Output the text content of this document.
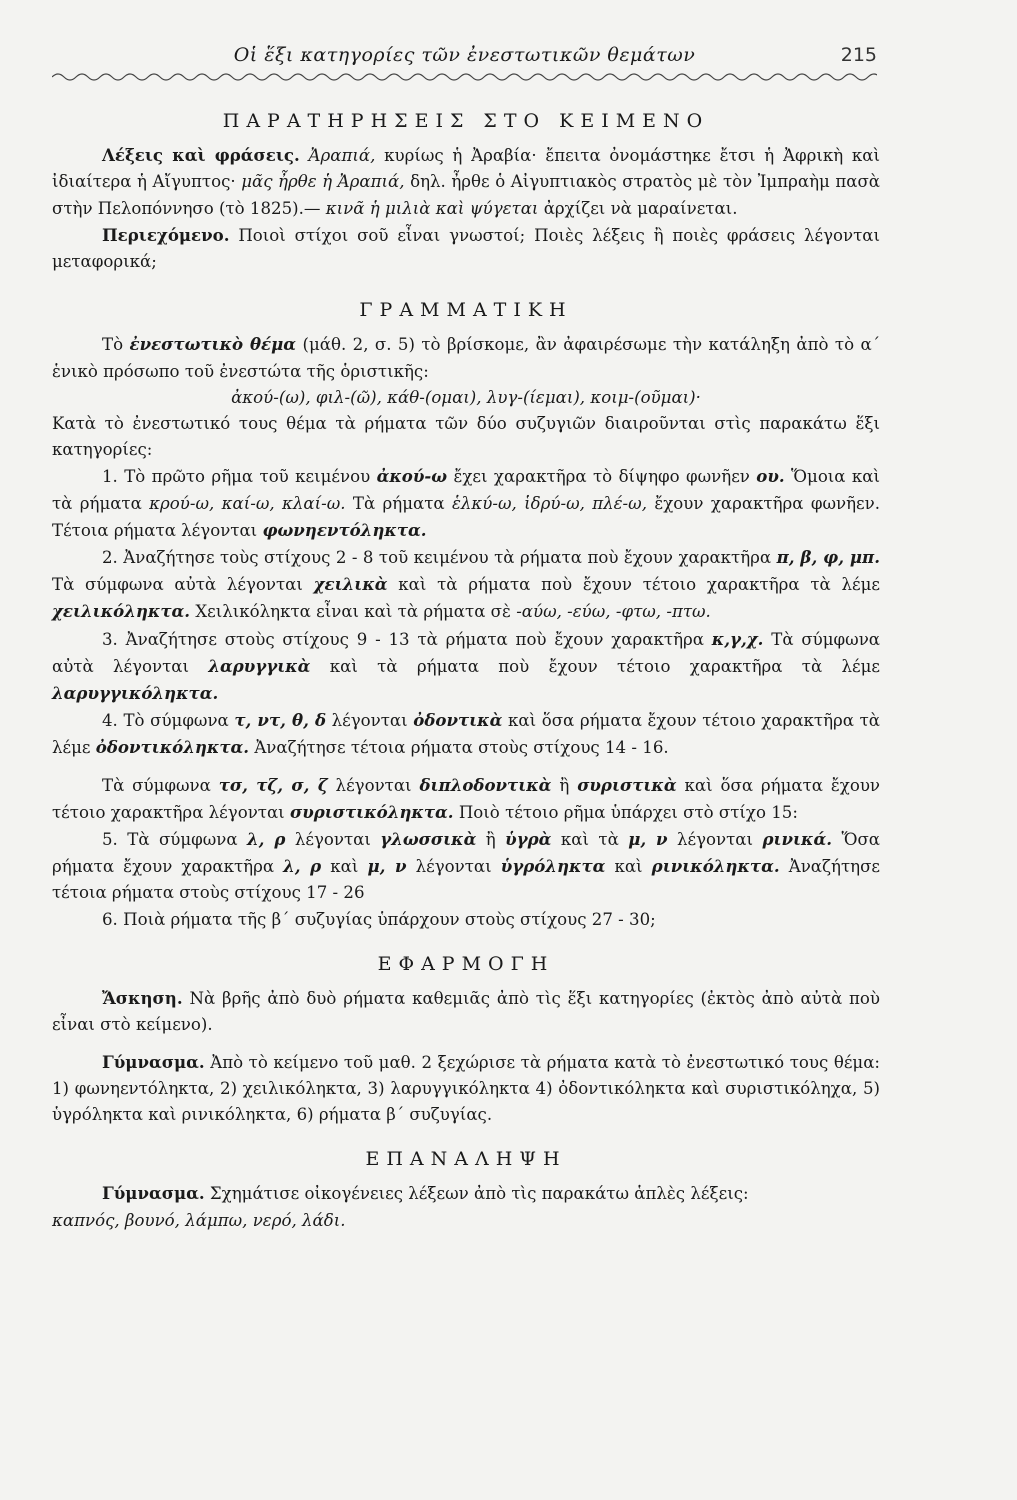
Οἱ ἕξι κατηγορίες τῶν ἐνεστωτικῶν θεμάτων	215
ΠΑΡΑΤΗΡΗΣΕΙΣ ΣΤΟ ΚΕΙΜΕΝΟ

Λέξεις καὶ φράσεις. Ἀραπιά, κυρίως ἡ Ἀραβία· ἔπειτα ὀνομάστηκε ἔτσι ἡ Ἀφρικὴ καὶ ἰδιαίτερα ἡ Αἴγυπτος· μᾶς ἦρθε ἡ Ἀραπιά, δηλ. ἦρθε ὁ Αἰγυπτιακὸς στρατὸς μὲ τὸν Ἰμπραὴμ πασὰ στὴν Πελοπόννησο (τὸ 1825).— κινᾶ ἡ μιλιὰ καὶ ψύγεται ἀρχίζει νὰ μαραίνεται.

Περιεχόμενο. Ποιοὶ στίχοι σοῦ εἶναι γνωστοί; Ποιὲς λέξεις ἢ ποιὲς φράσεις λέγονται μεταφορικά;

ΓΡΑΜΜΑΤΙΚΗ

Τὸ ἐνεστωτικὸ θέμα (μάθ. 2, σ. 5) τὸ βρίσκομε, ἂν ἀφαιρέσωμε τὴν κατάληξη ἀπὸ τὸ α΄ ἑνικὸ πρόσωπο τοῦ ἐνεστώτα τῆς ὁριστικῆς:

ἀκού-(ω), φιλ-(ῶ), κάθ-(ομαι), λυγ-(ίεμαι), κοιμ-(οῦμαι)·

Κατὰ τὸ ἐνεστωτικό τους θέμα τὰ ρήματα τῶν δύο συζυγιῶν διαιροῦνται στὶς παρακάτω ἕξι κατηγορίες:

1. Τὸ πρῶτο ρῆμα τοῦ κειμένου ἀκού-ω ἔχει χαρακτῆρα τὸ δίψηφο φωνῆεν ου. Ὅμοια καὶ τὰ ρήματα κρού-ω, καί-ω, κλαί-ω. Τὰ ρήματα ἑλκύ-ω, ἱδρύ-ω, πλέ-ω, ἔχουν χαρακτῆρα φωνῆεν. Τέτοια ρήματα λέγονται φωνηεντόληκτα.

2. Ἀναζήτησε τοὺς στίχους 2 - 8 τοῦ κειμένου τὰ ρήματα ποὺ ἔχουν χαρακτῆρα π, β, φ, μπ. Τὰ σύμφωνα αὐτὰ λέγονται χειλικὰ καὶ τὰ ρήματα ποὺ ἔχουν τέτοιο χαρακτῆρα τὰ λέμε χειλικόληκτα. Χειλικόληκτα εἶναι καὶ τὰ ρήματα σὲ -αύω, -εύω, -φτω, -πτω.

3. Ἀναζήτησε στοὺς στίχους 9 - 13 τὰ ρήματα ποὺ ἔχουν χαρακτῆρα κ,γ,χ. Τὰ σύμφωνα αὐτὰ λέγονται λαρυγγικὰ καὶ τὰ ρήματα ποὺ ἔχουν τέτοιο χαρακτῆρα τὰ λέμε λαρυγγικόληκτα.

4. Τὸ σύμφωνα τ, ντ, θ, δ λέγονται ὀδοντικὰ καὶ ὅσα ρήματα ἔχουν τέτοιο χαρακτῆρα τὰ λέμε ὀδοντικόληκτα. Ἀναζήτησε τέτοια ρήματα στοὺς στίχους 14 - 16.

Τὰ σύμφωνα τσ, τζ, σ, ζ λέγονται διπλοδοντικὰ ἢ συριστικὰ καὶ ὅσα ρήματα ἔχουν τέτοιο χαρακτῆρα λέγονται συριστικόληκτα. Ποιὸ τέτοιο ρῆμα ὑπάρχει στὸ στίχο 15:

5. Τὰ σύμφωνα λ, ρ λέγονται γλωσσικὰ ἢ ὑγρὰ καὶ τὰ μ, ν λέγονται ρινικά. Ὅσα ρήματα ἔχουν χαρακτῆρα λ, ρ καὶ μ, ν λέγονται ὑγρόληκτα καὶ ρινικόληκτα. Ἀναζήτησε τέτοια ρήματα στοὺς στίχους 17 - 26

6. Ποιὰ ρήματα τῆς β΄ συζυγίας ὑπάρχουν στοὺς στίχους 27 - 30;

ΕΦΑΡΜΟΓΗ

Ἄσκηση. Νὰ βρῆς ἀπὸ δυὸ ρήματα καθεμιᾶς ἀπὸ τὶς ἕξι κατηγορίες (ἐκτὸς ἀπὸ αὐτὰ ποὺ εἶναι στὸ κείμενο).

Γύμνασμα. Ἀπὸ τὸ κείμενο τοῦ μαθ. 2 ξεχώρισε τὰ ρήματα κατὰ τὸ ἐνεστωτικό τους θέμα: 1) φωνηεντόληκτα, 2) χειλικόληκτα, 3) λαρυγγικόληκτα 4) ὀδοντικόληκτα καὶ συριστικόληχα, 5) ὑγρόληκτα καὶ ρινικόληκτα, 6) ρήματα β΄ συζυγίας.

ΕΠΑΝΑΛΗΨΗ

Γύμνασμα. Σχημάτισε οἰκογένειες λέξεων ἀπὸ τὶς παρακάτω ἁπλὲς λέξεις:

καπνός, βουνό, λάμπω, νερό, λάδι.
